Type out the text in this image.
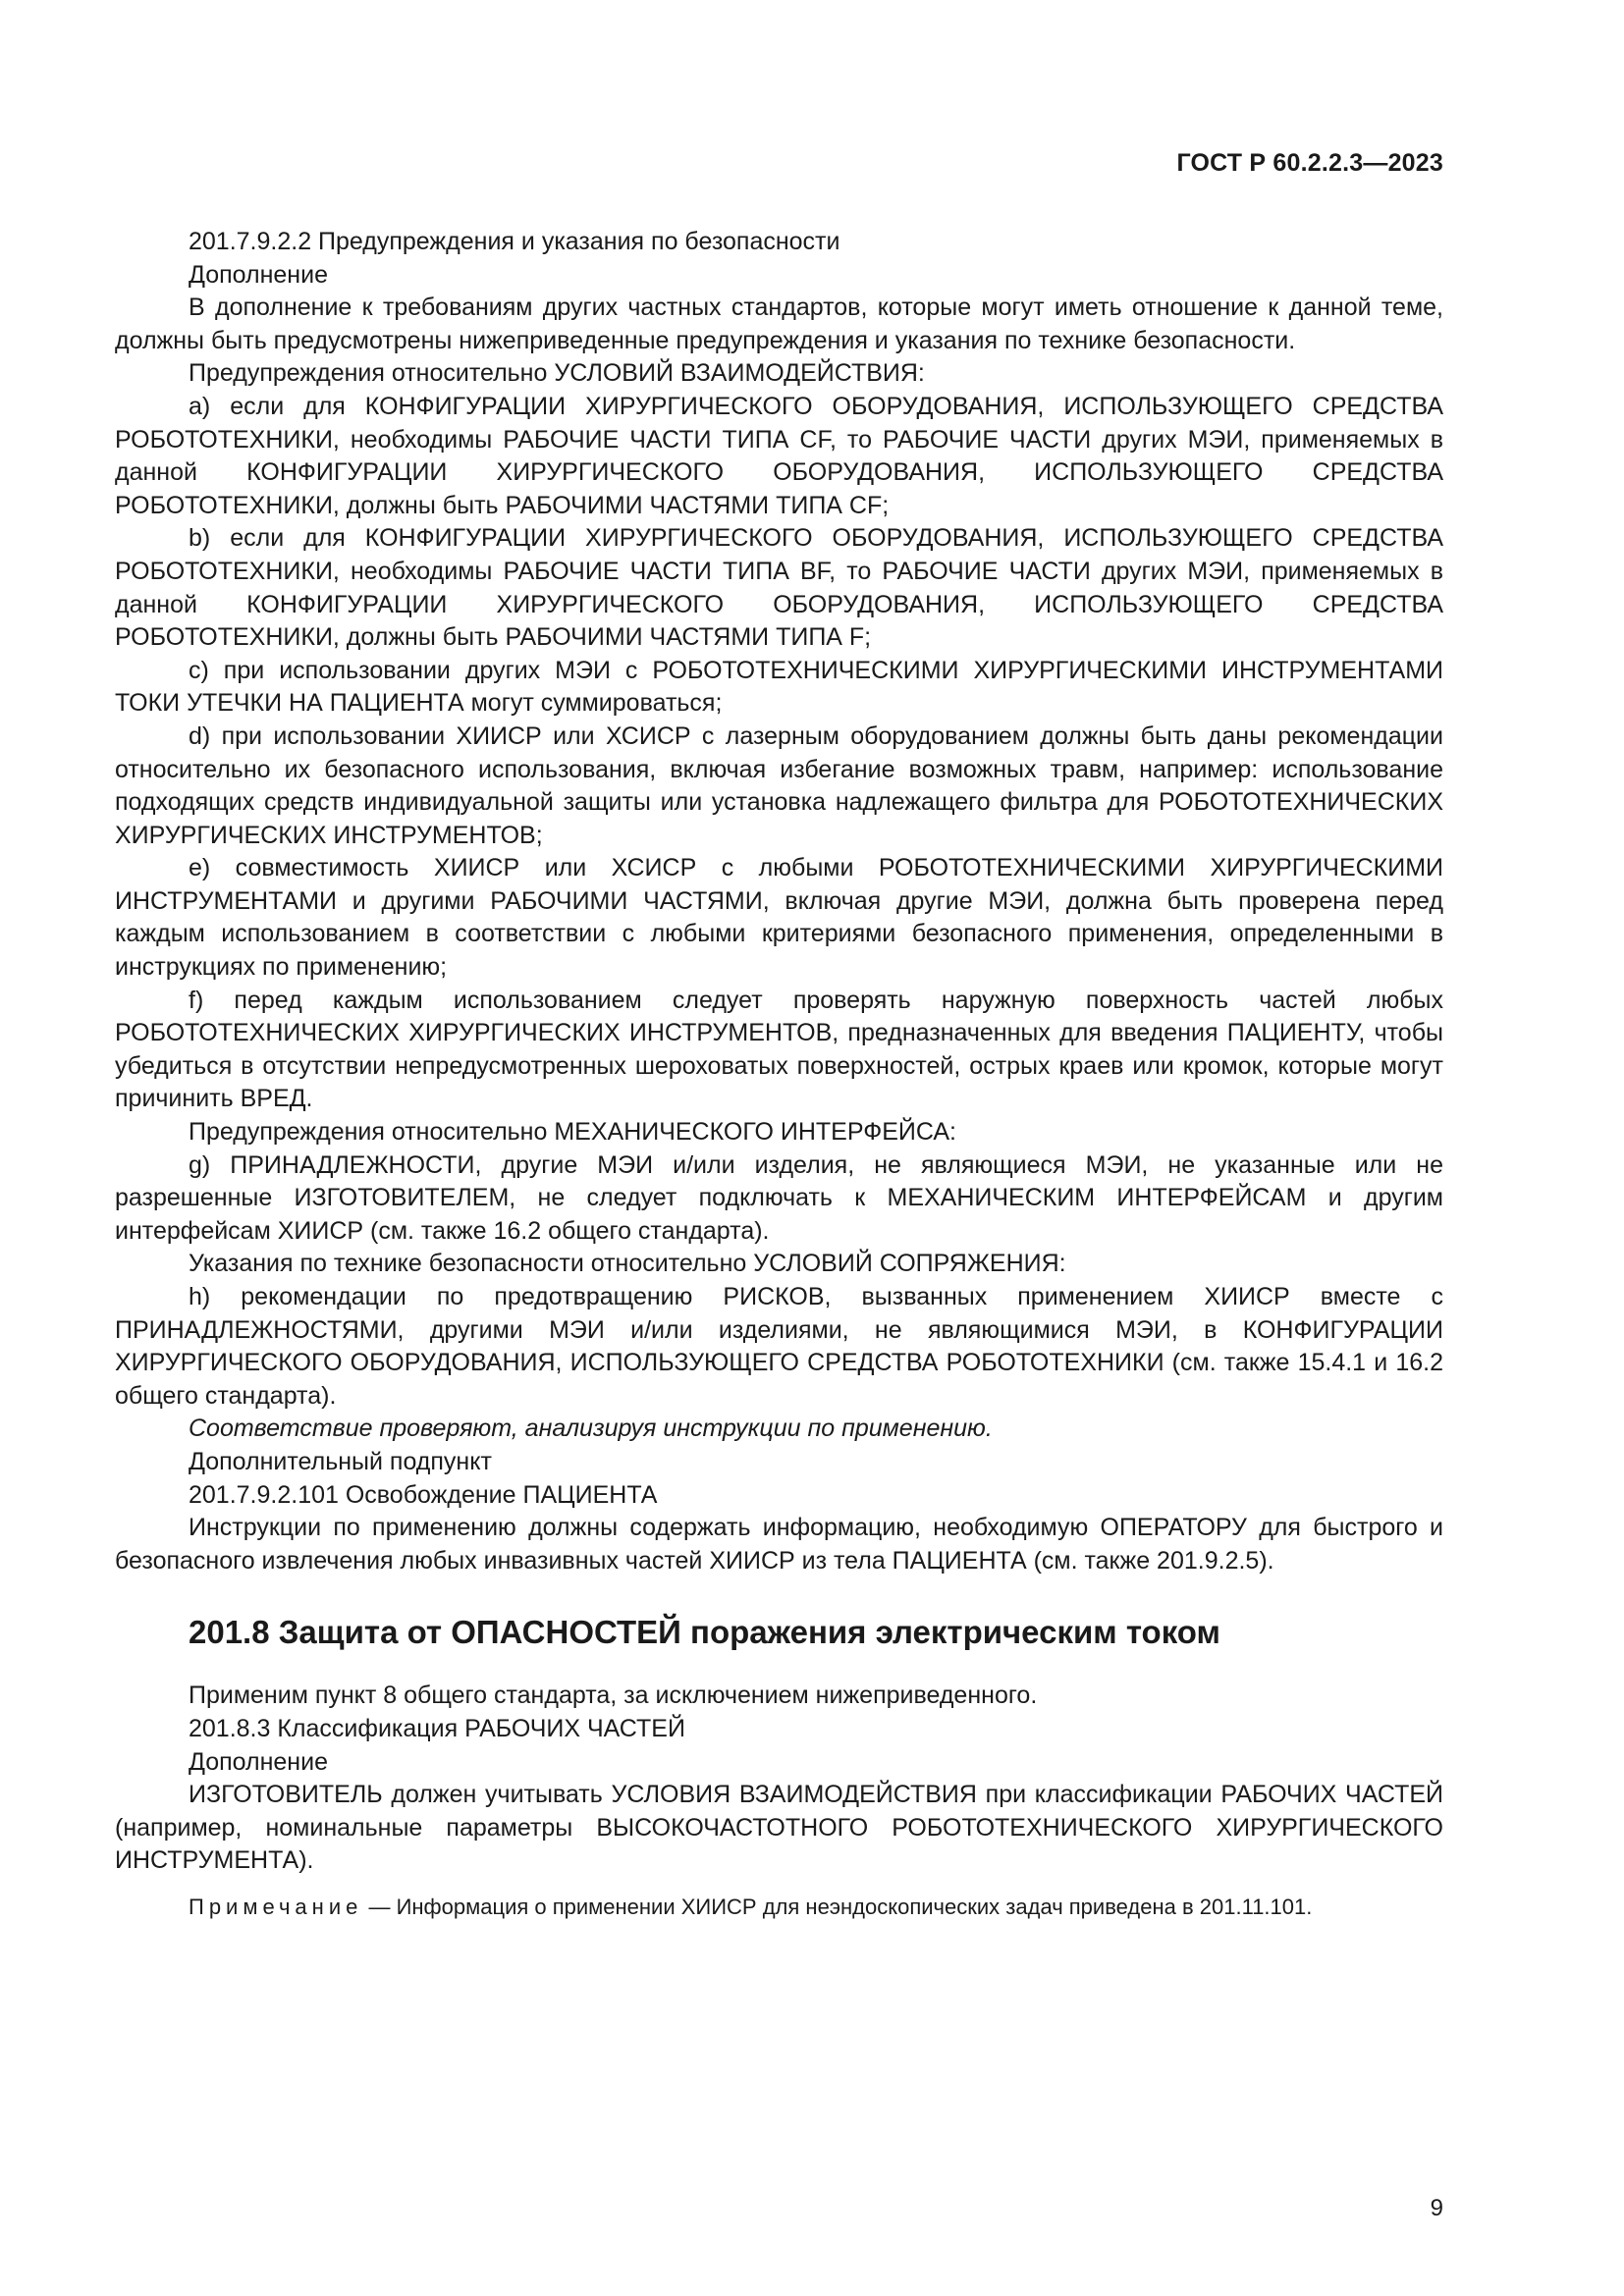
ГОСТ Р 60.2.2.3—2023

201.7.9.2.2 Предупреждения и указания по безопасности

Дополнение

В дополнение к требованиям других частных стандартов, которые могут иметь отношение к данной теме, должны быть предусмотрены нижеприведенные предупреждения и указания по технике безопасности.

Предупреждения относительно УСЛОВИЙ ВЗАИМОДЕЙСТВИЯ:

a) если для КОНФИГУРАЦИИ ХИРУРГИЧЕСКОГО ОБОРУДОВАНИЯ, ИСПОЛЬЗУЮЩЕГО СРЕДСТВА РОБОТОТЕХНИКИ, необходимы РАБОЧИЕ ЧАСТИ ТИПА CF, то РАБОЧИЕ ЧАСТИ других МЭИ, применяемых в данной КОНФИГУРАЦИИ ХИРУРГИЧЕСКОГО ОБОРУДОВАНИЯ, ИСПОЛЬЗУЮЩЕГО СРЕДСТВА РОБОТОТЕХНИКИ, должны быть РАБОЧИМИ ЧАСТЯМИ ТИПА CF;

b) если для КОНФИГУРАЦИИ ХИРУРГИЧЕСКОГО ОБОРУДОВАНИЯ, ИСПОЛЬЗУЮЩЕГО СРЕДСТВА РОБОТОТЕХНИКИ, необходимы РАБОЧИЕ ЧАСТИ ТИПА BF, то РАБОЧИЕ ЧАСТИ других МЭИ, применяемых в данной КОНФИГУРАЦИИ ХИРУРГИЧЕСКОГО ОБОРУДОВАНИЯ, ИСПОЛЬЗУЮЩЕГО СРЕДСТВА РОБОТОТЕХНИКИ, должны быть РАБОЧИМИ ЧАСТЯМИ ТИПА F;

c) при использовании других МЭИ с РОБОТОТЕХНИЧЕСКИМИ ХИРУРГИЧЕСКИМИ ИНСТРУМЕНТАМИ ТОКИ УТЕЧКИ НА ПАЦИЕНТА могут суммироваться;

d) при использовании ХИИСР или ХСИСР с лазерным оборудованием должны быть даны рекомендации относительно их безопасного использования, включая избегание возможных травм, например: использование подходящих средств индивидуальной защиты или установка надлежащего фильтра для РОБОТОТЕХНИЧЕСКИХ ХИРУРГИЧЕСКИХ ИНСТРУМЕНТОВ;

e) совместимость ХИИСР или ХСИСР с любыми РОБОТОТЕХНИЧЕСКИМИ ХИРУРГИЧЕСКИМИ ИНСТРУМЕНТАМИ и другими РАБОЧИМИ ЧАСТЯМИ, включая другие МЭИ, должна быть проверена перед каждым использованием в соответствии с любыми критериями безопасного применения, определенными в инструкциях по применению;

f) перед каждым использованием следует проверять наружную поверхность частей любых РОБОТОТЕХНИЧЕСКИХ ХИРУРГИЧЕСКИХ ИНСТРУМЕНТОВ, предназначенных для введения ПАЦИЕНТУ, чтобы убедиться в отсутствии непредусмотренных шероховатых поверхностей, острых краев или кромок, которые могут причинить ВРЕД.

Предупреждения относительно МЕХАНИЧЕСКОГО ИНТЕРФЕЙСА:

g) ПРИНАДЛЕЖНОСТИ, другие МЭИ и/или изделия, не являющиеся МЭИ, не указанные или не разрешенные ИЗГОТОВИТЕЛЕМ, не следует подключать к МЕХАНИЧЕСКИМ ИНТЕРФЕЙСАМ и другим интерфейсам ХИИСР (см. также 16.2 общего стандарта).

Указания по технике безопасности относительно УСЛОВИЙ СОПРЯЖЕНИЯ:

h) рекомендации по предотвращению РИСКОВ, вызванных применением ХИИСР вместе с ПРИНАДЛЕЖНОСТЯМИ, другими МЭИ и/или изделиями, не являющимися МЭИ, в КОНФИГУРАЦИИ ХИРУРГИЧЕСКОГО ОБОРУДОВАНИЯ, ИСПОЛЬЗУЮЩЕГО СРЕДСТВА РОБОТОТЕХНИКИ (см. также 15.4.1 и 16.2 общего стандарта).

Соответствие проверяют, анализируя инструкции по применению.

Дополнительный подпункт

201.7.9.2.101 Освобождение ПАЦИЕНТА

Инструкции по применению должны содержать информацию, необходимую ОПЕРАТОРУ для быстрого и безопасного извлечения любых инвазивных частей ХИИСР из тела ПАЦИЕНТА (см. также 201.9.2.5).

201.8 Защита от ОПАСНОСТЕЙ поражения электрическим током

Применим пункт 8 общего стандарта, за исключением нижеприведенного.

201.8.3 Классификация РАБОЧИХ ЧАСТЕЙ

Дополнение

ИЗГОТОВИТЕЛЬ должен учитывать УСЛОВИЯ ВЗАИМОДЕЙСТВИЯ при классификации РАБОЧИХ ЧАСТЕЙ (например, номинальные параметры ВЫСОКОЧАСТОТНОГО РОБОТОТЕХНИЧЕСКОГО ХИРУРГИЧЕСКОГО ИНСТРУМЕНТА).

Примечание — Информация о применении ХИИСР для неэндоскопических задач приведена в 201.11.101.

9
